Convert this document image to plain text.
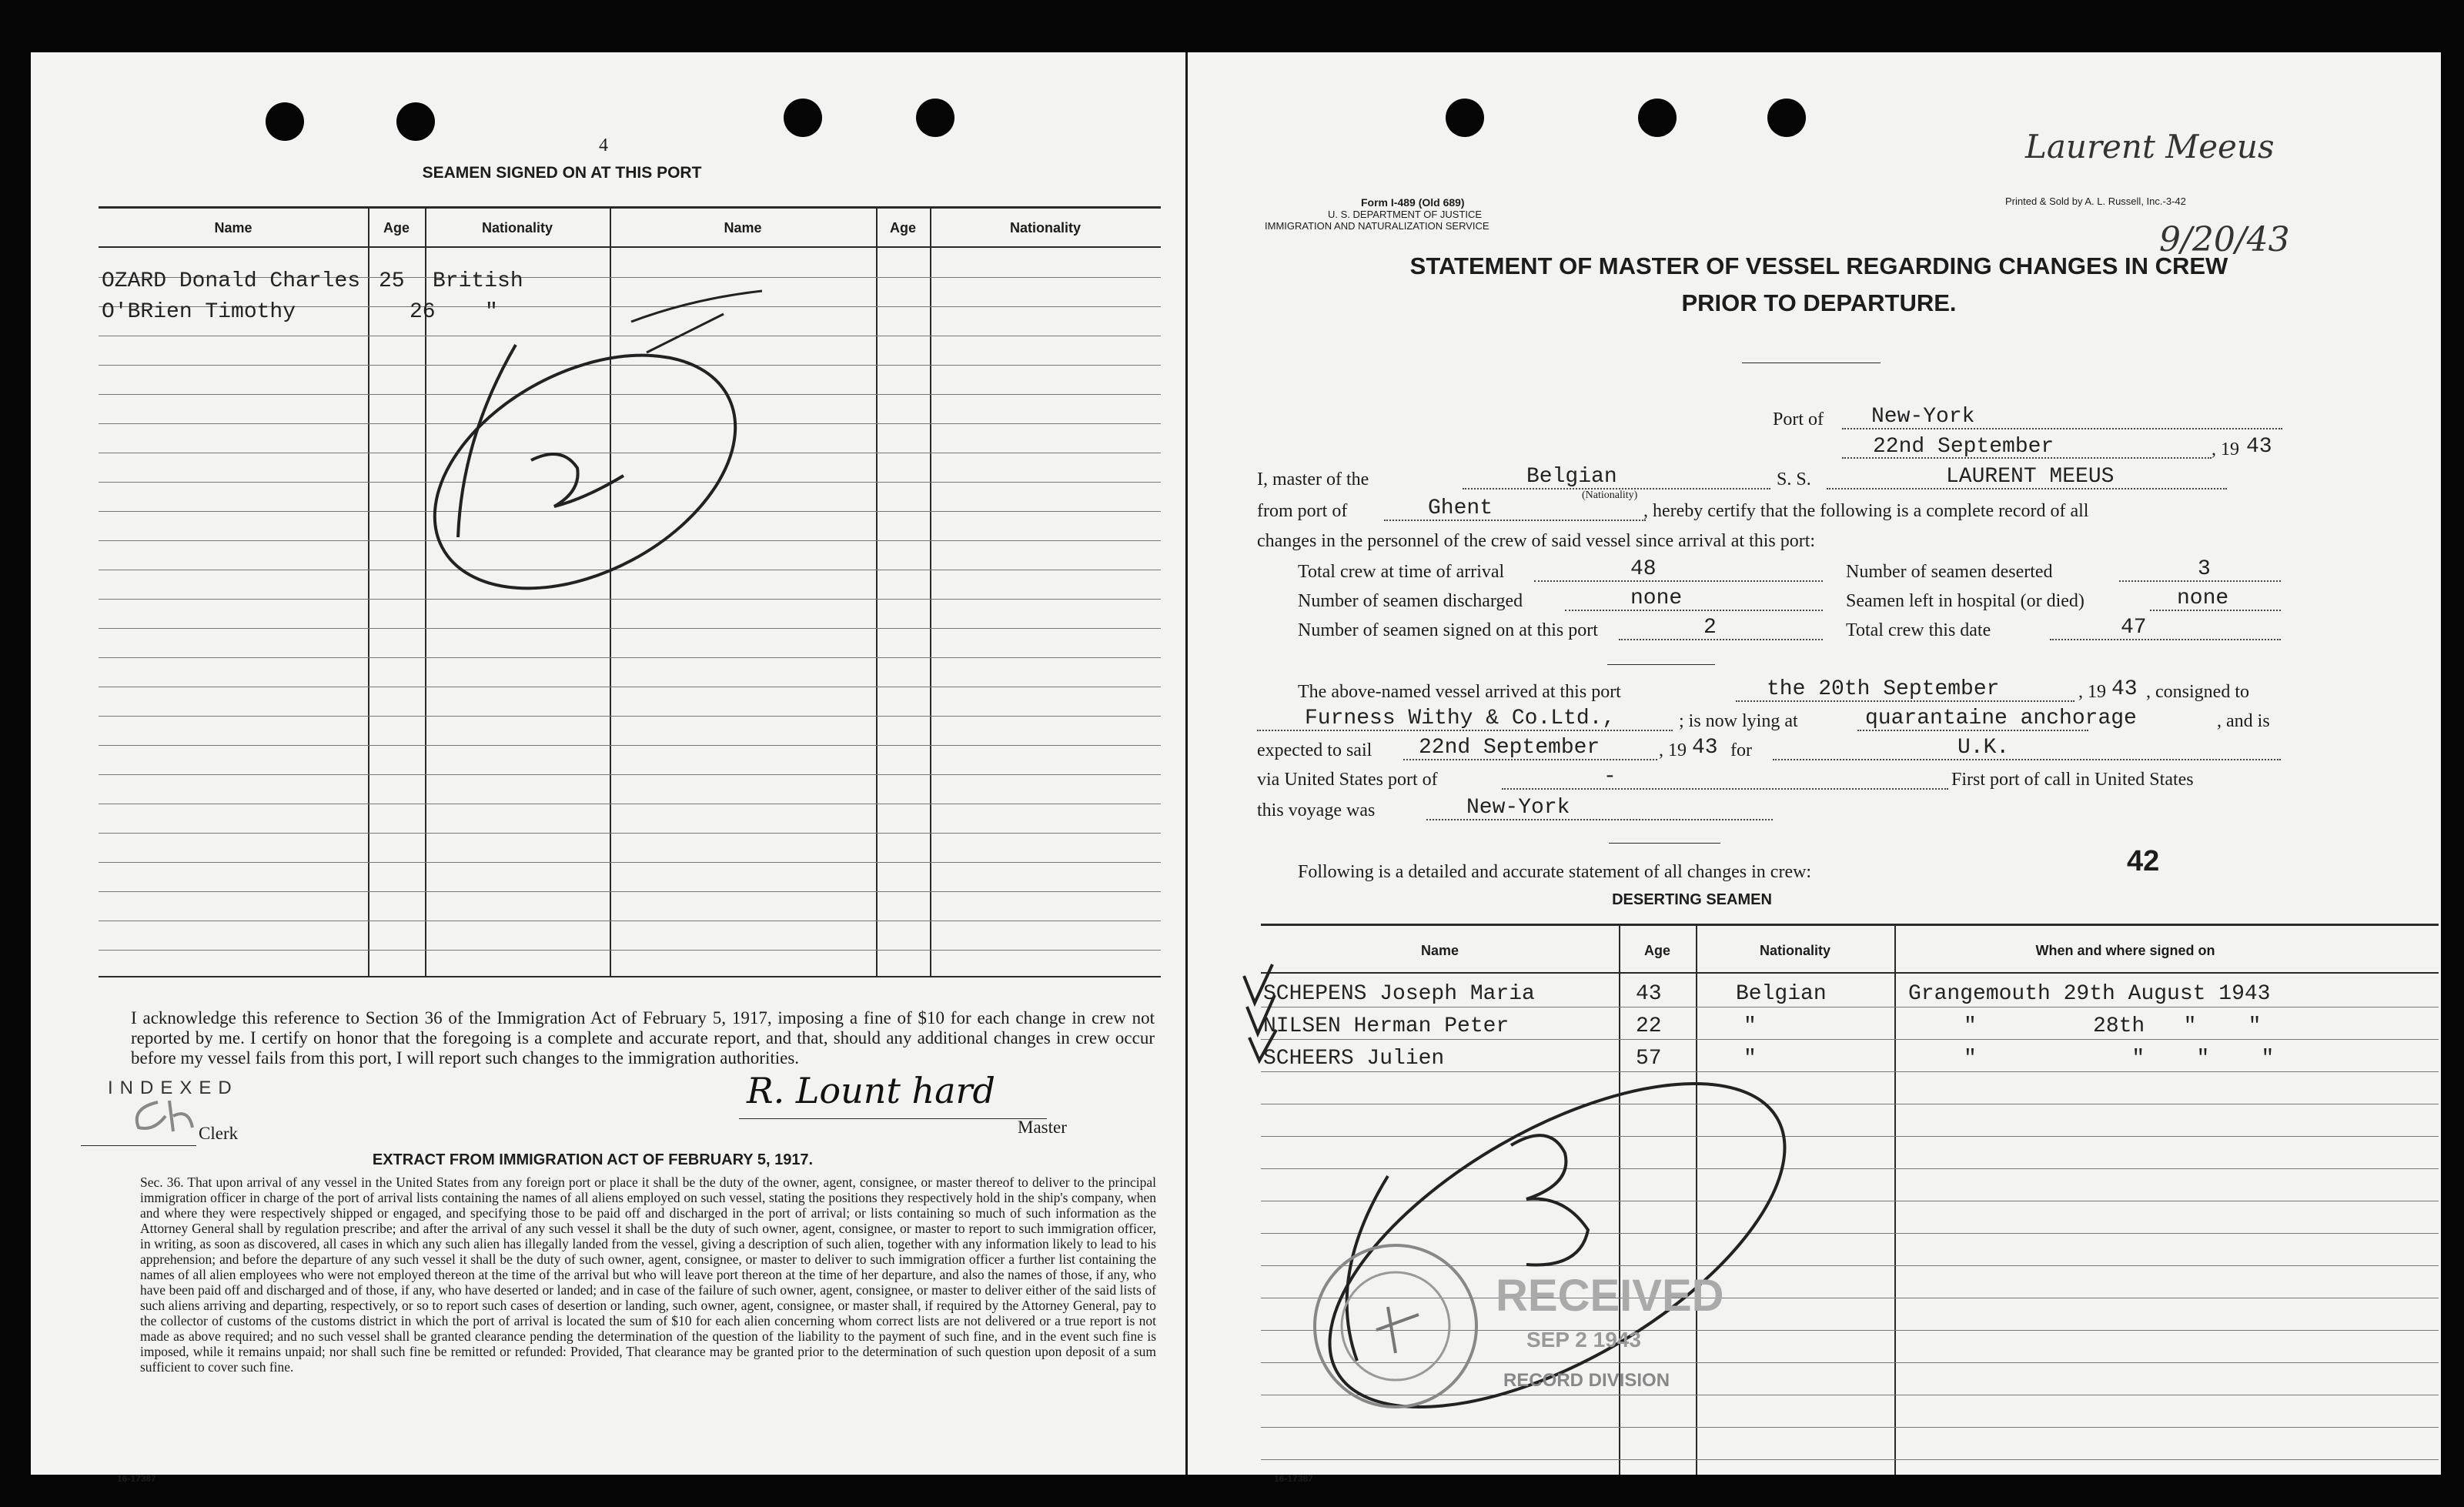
4
SEAMEN SIGNED ON AT THIS PORT
Name	Age	Nationality	Name	Age	Nationality
OZARD Donald Charles 25 British
O'BRien Timothy	26 "
I acknowledge this reference to Section 36 of the Immigration Act of February 5, 1917, imposing a fine of $10 for each change in crew not reported by me. I certify on honor that the foregoing is a complete and accurate report, and that, should any additional changes in crew occur before my vessel fails from this port, I will report such changes to the immigration authorities.
INDEXED
Clerk
R. Lount hard
Master
EXTRACT FROM IMMIGRATION ACT OF FEBRUARY 5, 1917.
Sec. 36. That upon arrival of any vessel in the United States from any foreign port or place it shall be the duty of the owner, agent, consignee, or master thereof to deliver to the principal immigration officer in charge of the port of arrival lists containing the names of all aliens employed on such vessel, stating the positions they respectively hold in the ship's company, when and where they were respectively shipped or engaged, and specifying those to be paid off and discharged in the port of arrival; or lists containing so much of such information as the Attorney General shall by regulation prescribe; and after the arrival of any such vessel it shall be the duty of such owner, agent, consignee, or master to report to such immigration officer, in writing, as soon as discovered, all cases in which any such alien has illegally landed from the vessel, giving a description of such alien, together with any information likely to lead to his apprehension; and before the departure of any such vessel it shall be the duty of such owner, agent, consignee, or master to deliver to such immigration officer a further list containing the names of all alien employees who were not employed thereon at the time of the arrival but who will leave port thereon at the time of her departure, and also the names of those, if any, who have been paid off and discharged and of those, if any, who have deserted or landed; and in case of the failure of such owner, agent, consignee, or master to deliver either of the said lists of such aliens arriving and departing, respectively, or so to report such cases of desertion or landing, such owner, agent, consignee, or master shall, if required by the Attorney General, pay to the collector of customs of the customs district in which the port of arrival is located the sum of $10 for each alien concerning whom correct lists are not delivered or a true report is not made as above required; and no such vessel shall be granted clearance pending the determination of the question of the liability to the payment of such fine, and in the event such fine is imposed, while it remains unpaid; nor shall such fine be remitted or refunded: Provided, That clearance may be granted prior to the determination of such question upon deposit of a sum sufficient to cover such fine.
16-17387
Form I-489 (Old 689)
U. S. DEPARTMENT OF JUSTICE
IMMIGRATION AND NATURALIZATION SERVICE
Printed & Sold by A. L. Russell, Inc.-3-42
Laurent Meeus
9/20/43
STATEMENT OF MASTER OF VESSEL REGARDING CHANGES IN CREW
PRIOR TO DEPARTURE.
Port of New-York
22nd September	, 19 43
I, master of the	Belgian	S. S.	LAURENT MEEUS
(Nationality)
from port of	Ghent	, hereby certify that the following is a complete record of all
changes in the personnel of the crew of said vessel since arrival at this port:
Total crew at time of arrival	48	Number of seamen deserted	3
Number of seamen discharged	none	Seamen left in hospital (or died)	none
Number of seamen signed on at this port	2	Total crew this date	47
The above-named vessel arrived at this port	the 20th September	, 19 43 , consigned to
Furness Withy & Co.Ltd.,	; is now lying at	quarantaine anchorage	, and is
expected to sail 22nd September	, 19 43 for	U.K.
via United States port of	-	First port of call in United States
this voyage was	New-York
Following is a detailed and accurate statement of all changes in crew:	42
DESERTING SEAMEN
Name	Age	Nationality	When and where signed on
SCHEPENS Joseph Maria	43	Belgian	Grangemouth 29th August 1943
NILSEN Herman Peter	22	"	"         28th   "    "
SCHEERS Julien	57	"	"            "    "    "
RECEIVED
SEP 2 1943
RECORD DIVISION
16-17387
